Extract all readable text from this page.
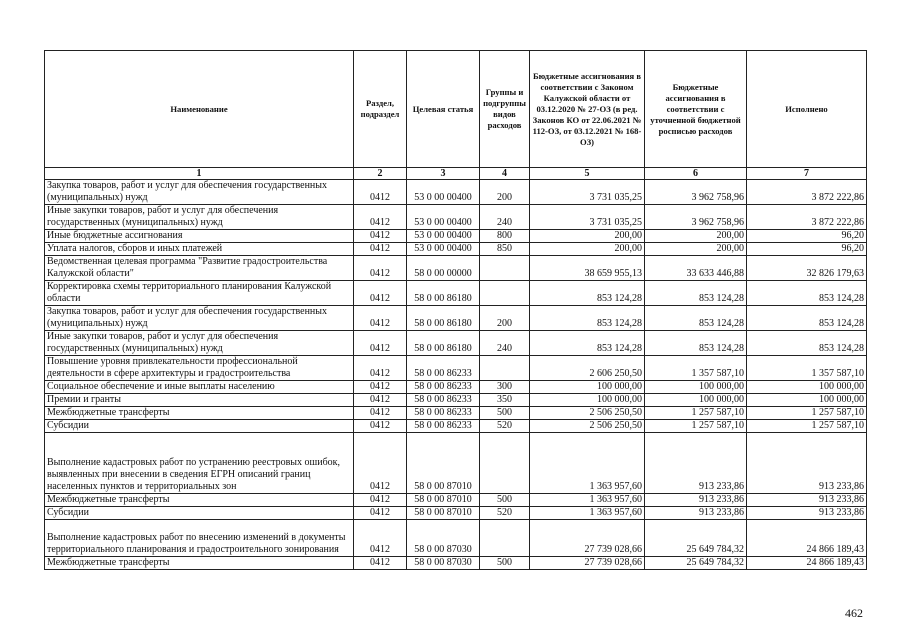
Наименование	Раздел, подраздел	Целевая статья	Группы и подгруппы видов расходов	Бюджетные ассигнования в соответствии с Законом Калужской области от 03.12.2020 № 27-ОЗ (в ред. Законов КО от 22.06.2021 № 112-ОЗ, от 03.12.2021 № 168-ОЗ)	Бюджетные ассигнования в соответствии с уточненной бюджетной росписью расходов	Исполнено
1	2	3	4	5	6	7
Закупка товаров, работ и услуг для обеспечения государственных (муниципальных) нужд	0412	53 0 00 00400	200	3 731 035,25	3 962 758,96	3 872 222,86
Иные закупки товаров, работ и услуг для обеспечения государственных (муниципальных) нужд	0412	53 0 00 00400	240	3 731 035,25	3 962 758,96	3 872 222,86
Иные бюджетные ассигнования	0412	53 0 00 00400	800	200,00	200,00	96,20
Уплата налогов, сборов и иных платежей	0412	53 0 00 00400	850	200,00	200,00	96,20
Ведомственная целевая программа "Развитие градостроительства Калужской области"	0412	58 0 00 00000		38 659 955,13	33 633 446,88	32 826 179,63
Корректировка схемы территориального планирования Калужской области	0412	58 0 00 86180		853 124,28	853 124,28	853 124,28
Закупка товаров, работ и услуг для обеспечения государственных (муниципальных) нужд	0412	58 0 00 86180	200	853 124,28	853 124,28	853 124,28
Иные закупки товаров, работ и услуг для обеспечения государственных (муниципальных) нужд	0412	58 0 00 86180	240	853 124,28	853 124,28	853 124,28
Повышение уровня привлекательности профессиональной деятельности в сфере архитектуры и градостроительства	0412	58 0 00 86233		2 606 250,50	1 357 587,10	1 357 587,10
Социальное обеспечение и иные выплаты населению	0412	58 0 00 86233	300	100 000,00	100 000,00	100 000,00
Премии и гранты	0412	58 0 00 86233	350	100 000,00	100 000,00	100 000,00
Межбюджетные трансферты	0412	58 0 00 86233	500	2 506 250,50	1 257 587,10	1 257 587,10
Субсидии	0412	58 0 00 86233	520	2 506 250,50	1 257 587,10	1 257 587,10
Выполнение кадастровых работ по устранению реестровых ошибок, выявленных при внесении в сведения ЕГРН описаний границ населенных пунктов и территориальных зон	0412	58 0 00 87010		1 363 957,60	913 233,86	913 233,86
Межбюджетные трансферты	0412	58 0 00 87010	500	1 363 957,60	913 233,86	913 233,86
Субсидии	0412	58 0 00 87010	520	1 363 957,60	913 233,86	913 233,86
Выполнение кадастровых работ по внесению изменений в документы территориального планирования и градостроительного зонирования	0412	58 0 00 87030		27 739 028,66	25 649 784,32	24 866 189,43
Межбюджетные трансферты	0412	58 0 00 87030	500	27 739 028,66	25 649 784,32	24 866 189,43
462
